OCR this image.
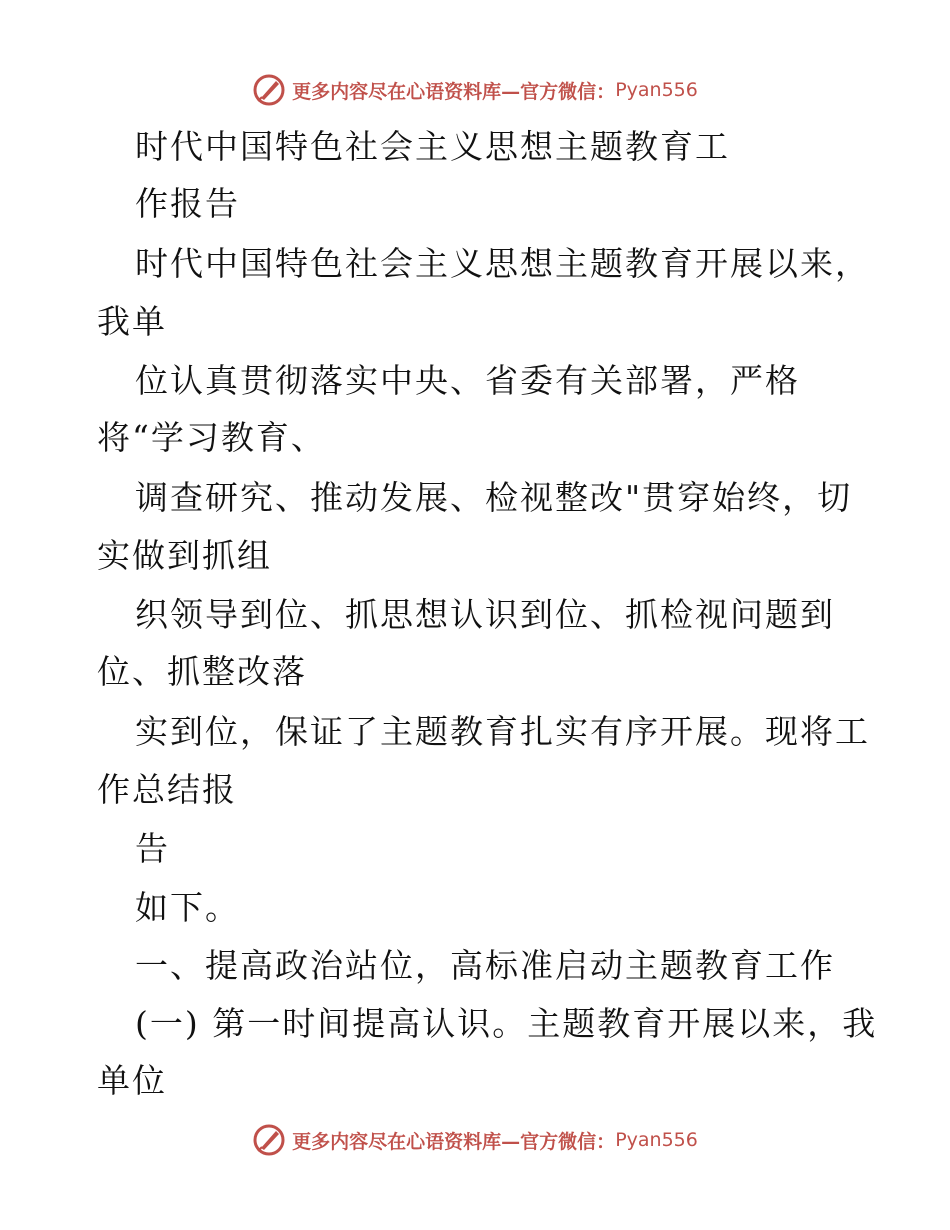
更多内容尽在心语资料库— 官方微信： Pyan556
时代中国特色社会主义思想主题教育工
作报告
时代中国特色社会主义思想主题教育开展以来，
我单
位认真贯彻落实中央、省委有关部署，严格
将“学习教育、
调查研究、推动发展、检视整改"贯穿始终，切
实做到抓组
织领导到位、抓思想认识到位、抓检视问题到
位、抓整改落
实到位，保证了主题教育扎实有序开展。现将工
作总结报
告
如下。
一、提高政治站位，高标准启动主题教育工作
(一) 第一时间提高认识。主题教育开展以来，我
单位
更多内容尽在心语资料库— 官方微信： Pyan556
